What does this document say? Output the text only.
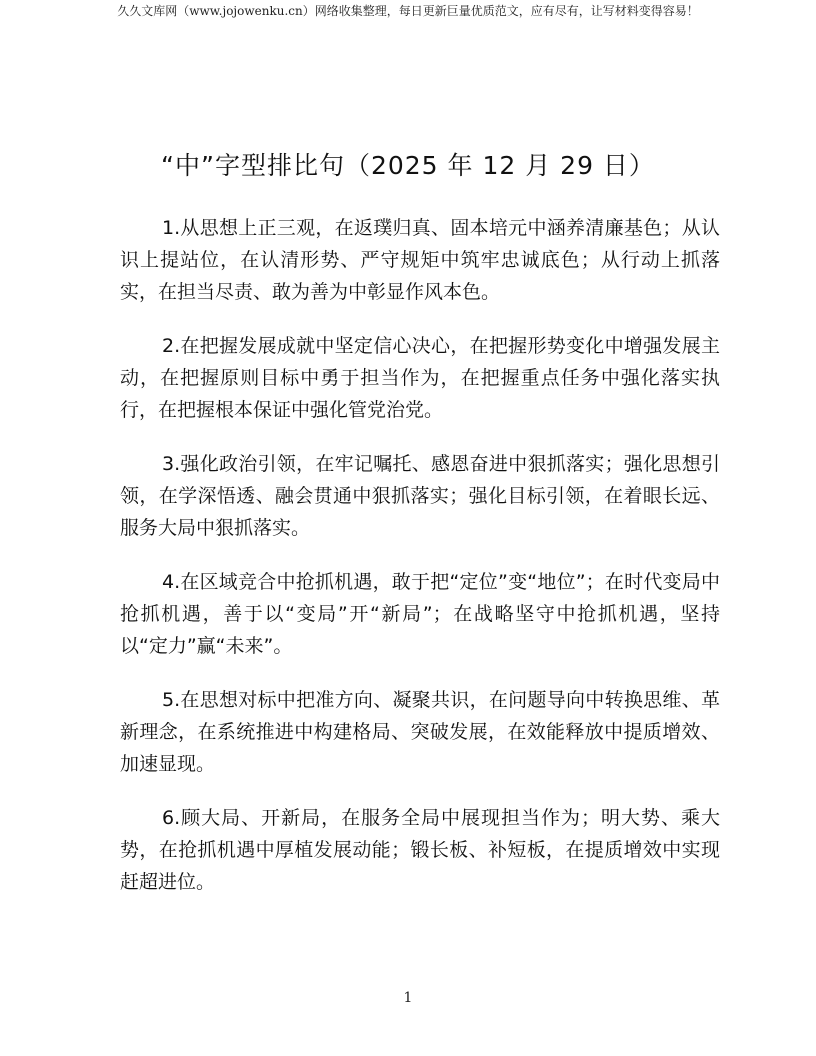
久久文库网（www.jojowenku.cn）网络收集整理，每日更新巨量优质范文，应有尽有，让写材料变得容易！
“中”字型排比句（2025 年 12 月 29 日）

1.从思想上正三观，在返璞归真、固本培元中涵养清廉基色；从认识上提站位，在认清形势、严守规矩中筑牢忠诚底色；从行动上抓落实，在担当尽责、敢为善为中彰显作风本色。

2.在把握发展成就中坚定信心决心，在把握形势变化中增强发展主动，在把握原则目标中勇于担当作为，在把握重点任务中强化落实执行，在把握根本保证中强化管党治党。

3.强化政治引领，在牢记嘱托、感恩奋进中狠抓落实；强化思想引领，在学深悟透、融会贯通中狠抓落实；强化目标引领，在着眼长远、服务大局中狠抓落实。

4.在区域竞合中抢抓机遇，敢于把“定位”变“地位”；在时代变局中抢抓机遇，善于以“变局”开“新局”；在战略坚守中抢抓机遇，坚持以“定力”赢“未来”。

5.在思想对标中把准方向、凝聚共识，在问题导向中转换思维、革新理念，在系统推进中构建格局、突破发展，在效能释放中提质增效、加速显现。

6.顾大局、开新局，在服务全局中展现担当作为；明大势、乘大势，在抢抓机遇中厚植发展动能；锻长板、补短板，在提质增效中实现赶超进位。

1
